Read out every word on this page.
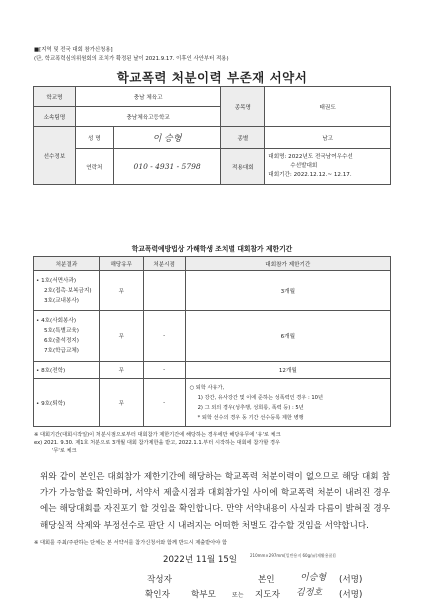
■[지역 및 전국 대회 참가신청용]
(단, 학교폭력심의위원회의 조치가 확정된 날이 2021.9.17. 이후인 사안부터 적용)
학교폭력 처분이력 부존재 서약서
학교명	충남 체육고		종목명	태권도
소속팀명	충남체육고등학교			
선수정보	성 명	이 승형	종별	남고
	연락처	010 - 4931 - 5798	적용대회	대회명: 2022년도 전국남여우수선
수선발대회
대회기간: 2022.12.12.~ 12.17.
학교폭력예방법상 가해학생 조치별 대회참가 제한기간
처분결과	해당유무	처분시점	대회참가 제한기간

• 1호(서면사과)
2호(접촉·보복금지)
3호(교내봉사)	무		3개월

• 4호(사회봉사)
5호(특별교육)
6호(출석정지)
7호(학급교체)	무	-	6개월
• 8호(전학)	무	-	12개월
• 9호(퇴학)	무	-	○ 퇴학 사유가,
1) 강간, 유사강간 및 이에 준하는 성폭력인 경우 : 10년
2) 그 외의 경우(성추행, 성희롱, 폭력 등) : 5년
* 퇴학 선수의 경우 동 기간 선수등록 제한 병행
※ 대회기간(대회시작일)이 처분시점으로부터 대회참가 제한기간에 해당하는 경우에만 해당유무에 '유'로 체크
ex) 2021. 9.30. 제1호 처분으로 3개월 대회 참가제한을 받고, 2022.1.1.부터 시작하는 대회에 참가할 경우
'무'로 체크
위와 같이 본인은 대회참가 제한기간에 해당하는 학교폭력 처분이력이 없으므로 해당 대회 참가가 가능함을 확인하며, 서약서 제출시점과 대회참가일 사이에 학교폭력 처분이 내려진 경우에는 해당대회를 자진포기 할 것임을 확인합니다. 만약 서약내용이 사실과 다름이 밝혀질 경우 해당실적 삭제와 부정선수로 판단 시 내려지는 어떠한 처벌도 감수할 것임을 서약합니다.
2022년 11월 15일
작성자	본인	이승형 (서명)
확인자 학부모	또는 지도자 김정호 (서명)
210mm×297mm[일반용지 60g/㎡(재활용품)]
※ 대회를 주최/주관하는 단체는 본 서약서를 참가신청서와 함께 반드시 제출받아야 함
